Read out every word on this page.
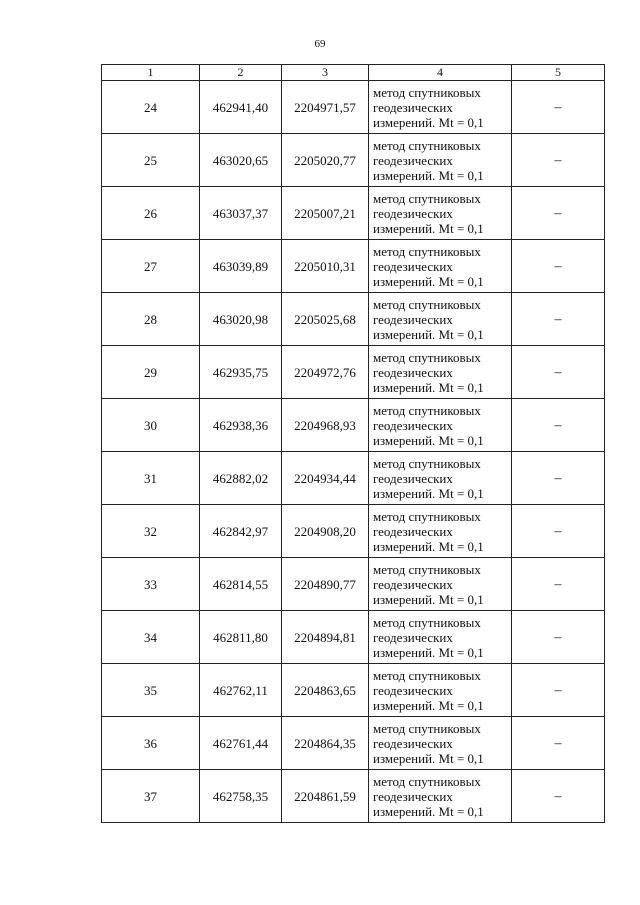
69
1	2	3	4	5
24	462941,40	2204971,57	метод спутниковых
геодезических
измерений. Mt = 0,1	–
25	463020,65	2205020,77	метод спутниковых
геодезических
измерений. Mt = 0,1	–
26	463037,37	2205007,21	метод спутниковых
геодезических
измерений. Mt = 0,1	–
27	463039,89	2205010,31	метод спутниковых
геодезических
измерений. Mt = 0,1	–
28	463020,98	2205025,68	метод спутниковых
геодезических
измерений. Mt = 0,1	–
29	462935,75	2204972,76	метод спутниковых
геодезических
измерений. Mt = 0,1	–
30	462938,36	2204968,93	метод спутниковых
геодезических
измерений. Mt = 0,1	–
31	462882,02	2204934,44	метод спутниковых
геодезических
измерений. Mt = 0,1	–
32	462842,97	2204908,20	метод спутниковых
геодезических
измерений. Mt = 0,1	–
33	462814,55	2204890,77	метод спутниковых
геодезических
измерений. Mt = 0,1	–
34	462811,80	2204894,81	метод спутниковых
геодезических
измерений. Mt = 0,1	–
35	462762,11	2204863,65	метод спутниковых
геодезических
измерений. Mt = 0,1	–
36	462761,44	2204864,35	метод спутниковых
геодезических
измерений. Mt = 0,1	–
37	462758,35	2204861,59	метод спутниковых
геодезических
измерений. Mt = 0,1	–
